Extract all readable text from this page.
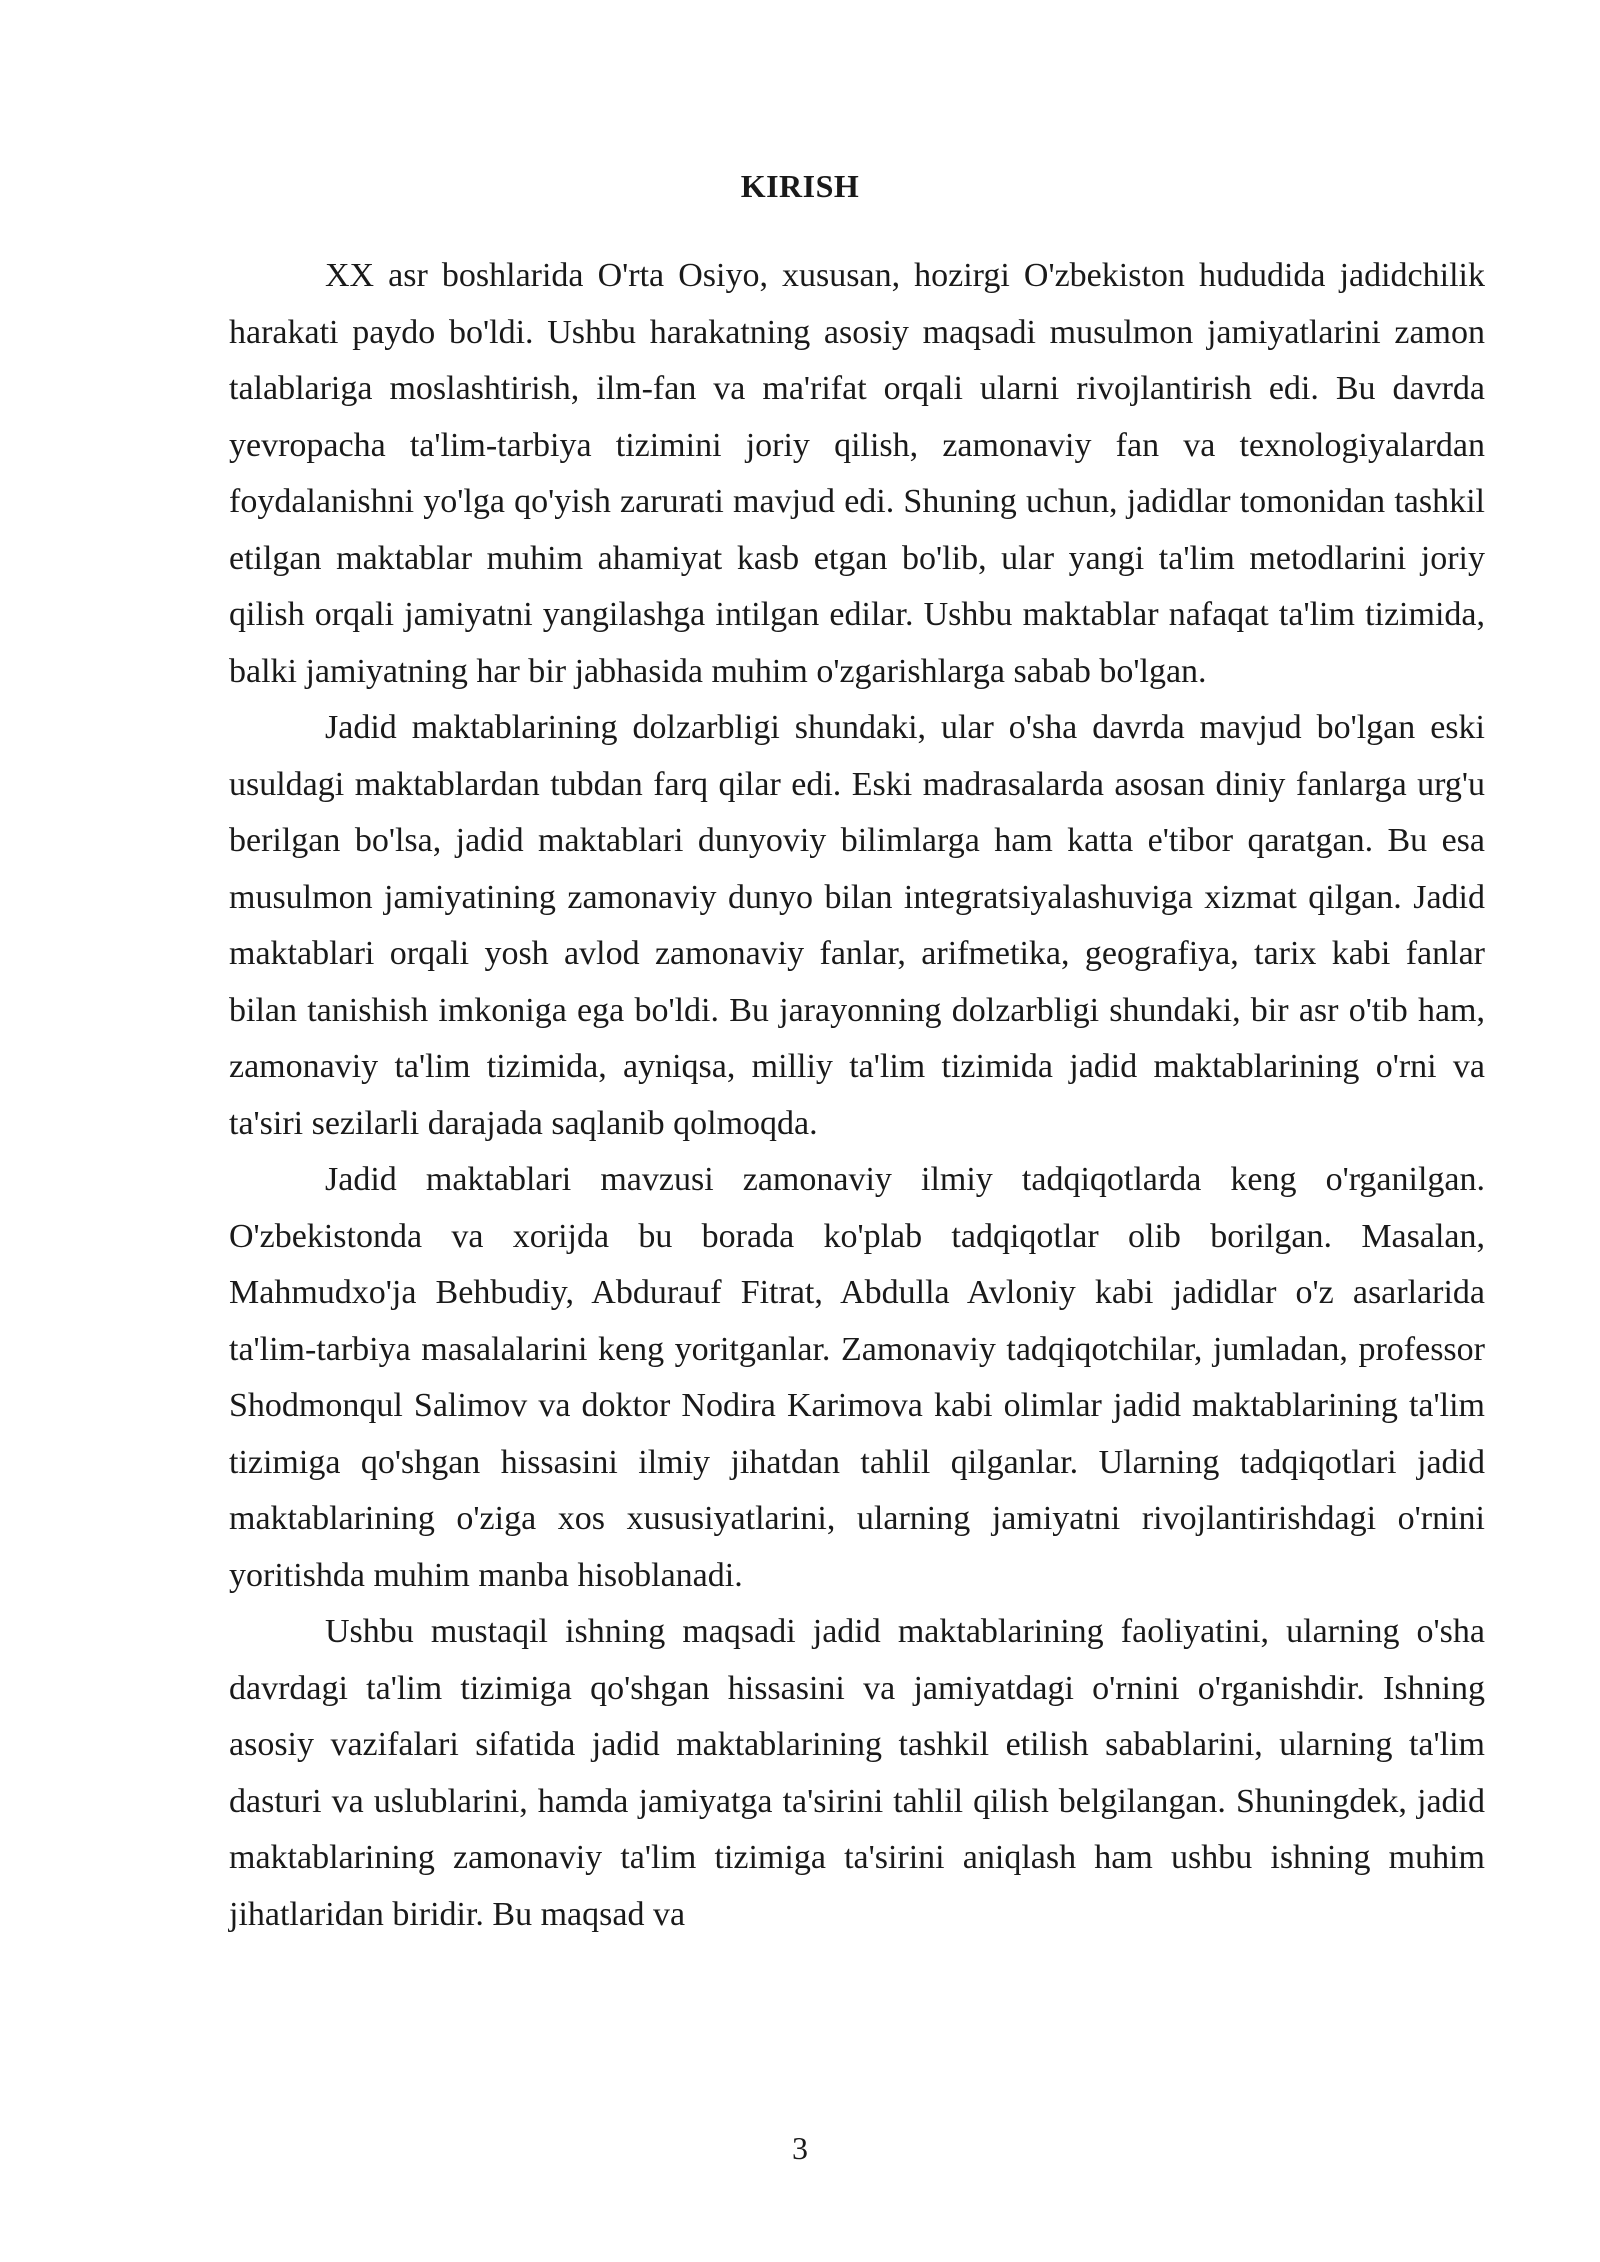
KIRISH

XX asr boshlarida O'rta Osiyo, xususan, hozirgi O'zbekiston hududida jadidchilik harakati paydo bo'ldi. Ushbu harakatning asosiy maqsadi musulmon jamiyatlarini zamon talablariga moslashtirish, ilm-fan va ma'rifat orqali ularni rivojlantirish edi. Bu davrda yevropacha ta'lim-tarbiya tizimini joriy qilish, zamonaviy fan va texnologiyalardan foydalanishni yo'lga qo'yish zarurati mavjud edi. Shuning uchun, jadidlar tomonidan tashkil etilgan maktablar muhim ahamiyat kasb etgan bo'lib, ular yangi ta'lim metodlarini joriy qilish orqali jamiyatni yangilashga intilgan edilar. Ushbu maktablar nafaqat ta'lim tizimida, balki jamiyatning har bir jabhasida muhim o'zgarishlarga sabab bo'lgan.

Jadid maktablarining dolzarbligi shundaki, ular o'sha davrda mavjud bo'lgan eski usuldagi maktablardan tubdan farq qilar edi. Eski madrasalarda asosan diniy fanlarga urg'u berilgan bo'lsa, jadid maktablari dunyoviy bilimlarga ham katta e'tibor qaratgan. Bu esa musulmon jamiyatining zamonaviy dunyo bilan integratsiyalashuviga xizmat qilgan. Jadid maktablari orqali yosh avlod zamonaviy fanlar, arifmetika, geografiya, tarix kabi fanlar bilan tanishish imkoniga ega bo'ldi. Bu jarayonning dolzarbligi shundaki, bir asr o'tib ham, zamonaviy ta'lim tizimida, ayniqsa, milliy ta'lim tizimida jadid maktablarining o'rni va ta'siri sezilarli darajada saqlanib qolmoqda.

Jadid maktablari mavzusi zamonaviy ilmiy tadqiqotlarda keng o'rganilgan. O'zbekistonda va xorijda bu borada ko'plab tadqiqotlar olib borilgan. Masalan, Mahmudxo'ja Behbudiy, Abdurauf Fitrat, Abdulla Avloniy kabi jadidlar o'z asarlarida ta'lim-tarbiya masalalarini keng yoritganlar. Zamonaviy tadqiqotchilar, jumladan, professor Shodmonqul Salimov va doktor Nodira Karimova kabi olimlar jadid maktablarining ta'lim tizimiga qo'shgan hissasini ilmiy jihatdan tahlil qilganlar. Ularning tadqiqotlari jadid maktablarining o'ziga xos xususiyatlarini, ularning jamiyatni rivojlantirishdagi o'rnini yoritishda muhim manba hisoblanadi.

Ushbu mustaqil ishning maqsadi jadid maktablarining faoliyatini, ularning o'sha davrdagi ta'lim tizimiga qo'shgan hissasini va jamiyatdagi o'rnini o'rganishdir. Ishning asosiy vazifalari sifatida jadid maktablarining tashkil etilish sabablarini, ularning ta'lim dasturi va uslublarini, hamda jamiyatga ta'sirini tahlil qilish belgilangan. Shuningdek, jadid maktablarining zamonaviy ta'lim tizimiga ta'sirini aniqlash ham ushbu ishning muhim jihatlaridan biridir. Bu maqsad va

3
